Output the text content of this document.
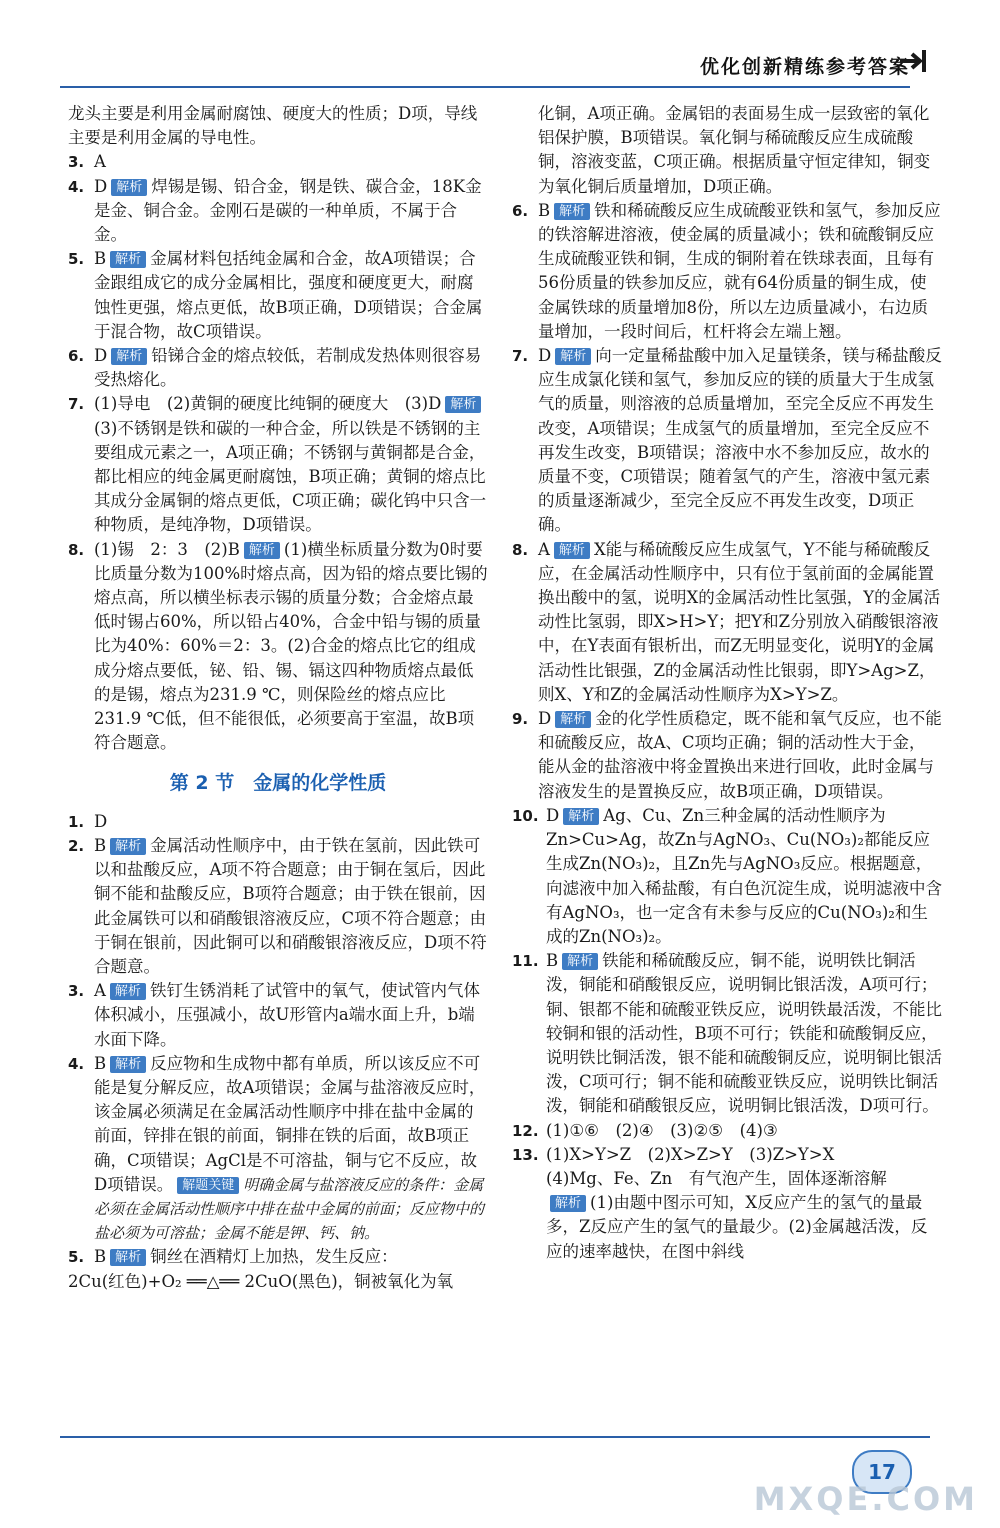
优化创新精练参考答案

龙头主要是利用金属耐腐蚀、硬度大的性质；D项，导线主要是利用金属的导电性。

3. A

4. D 解析 焊锡是锡、铅合金，钢是铁、碳合金，18K金是金、铜合金。金刚石是碳的一种单质，不属于合金。

5. B 解析 金属材料包括纯金属和合金，故A项错误；合金跟组成它的成分金属相比，强度和硬度更大，耐腐蚀性更强，熔点更低，故B项正确，D项错误；合金属于混合物，故C项错误。

6. D 解析 铅锑合金的熔点较低，若制成发热体则很容易受热熔化。

7. (1)导电　(2)黄铜的硬度比纯铜的硬度大　(3)D 解析(3)不锈钢是铁和碳的一种合金，所以铁是不锈钢的主要组成元素之一，A项正确；不锈钢与黄铜都是合金，都比相应的纯金属更耐腐蚀，B项正确；黄铜的熔点比其成分金属铜的熔点更低，C项正确；碳化钨中只含一种物质，是纯净物，D项错误。

8. (1)锡　2：3　(2)B 解析 (1)横坐标质量分数为0时要比质量分数为100%时熔点高，因为铅的熔点要比锡的熔点高，所以横坐标表示锡的质量分数；合金熔点最低时锡占60%，所以铅占40%，合金中铅与锡的质量比为40%：60%＝2：3。(2)合金的熔点比它的组成成分熔点要低，铋、铅、锡、镉这四种物质熔点最低的是锡，熔点为231.9 ℃，则保险丝的熔点应比231.9 ℃低，但不能很低，必须要高于室温，故B项符合题意。

第 2 节　金属的化学性质

1. D

2. B 解析 金属活动性顺序中，由于铁在氢前，因此铁可以和盐酸反应，A项不符合题意；由于铜在氢后，因此铜不能和盐酸反应，B项符合题意；由于铁在银前，因此金属铁可以和硝酸银溶液反应，C项不符合题意；由于铜在银前，因此铜可以和硝酸银溶液反应，D项不符合题意。

3. A 解析 铁钉生锈消耗了试管中的氧气，使试管内气体体积减小，压强减小，故U形管内a端水面上升，b端水面下降。

4. B 解析 反应物和生成物中都有单质，所以该反应不可能是复分解反应，故A项错误；金属与盐溶液反应时，该金属必须满足在金属活动性顺序中排在盐中金属的前面，锌排在银的前面，铜排在铁的后面，故B项正确，C项错误；AgCl是不可溶盐，铜与它不反应，故D项错误。 解题关键 明确金属与盐溶液反应的条件：金属必须在金属活动性顺序中排在盐中金属的前面；反应物中的盐必须为可溶盐；金属不能是钾、钙、钠。

5. B 解析 铜丝在酒精灯上加热，发生反应：

2Cu(红色)+O₂ ══△══ 2CuO(黑色)，铜被氧化为氧

化铜，A项正确。金属铝的表面易生成一层致密的氧化铝保护膜，B项错误。氧化铜与稀硫酸反应生成硫酸铜，溶液变蓝，C项正确。根据质量守恒定律知，铜变为氧化铜后质量增加，D项正确。

6. B 解析 铁和稀硫酸反应生成硫酸亚铁和氢气，参加反应的铁溶解进溶液，使金属的质量减小；铁和硫酸铜反应生成硫酸亚铁和铜，生成的铜附着在铁球表面，且每有56份质量的铁参加反应，就有64份质量的铜生成，使金属铁球的质量增加8份，所以左边质量减小，右边质量增加，一段时间后，杠杆将会左端上翘。

7. D 解析 向一定量稀盐酸中加入足量镁条，镁与稀盐酸反应生成氯化镁和氢气，参加反应的镁的质量大于生成氢气的质量，则溶液的总质量增加，至完全反应不再发生改变，A项错误；生成氢气的质量增加，至完全反应不再发生改变，B项错误；溶液中水不参加反应，故水的质量不变，C项错误；随着氢气的产生，溶液中氢元素的质量逐渐减少，至完全反应不再发生改变，D项正确。

8. A 解析 X能与稀硫酸反应生成氢气，Y不能与稀硫酸反应，在金属活动性顺序中，只有位于氢前面的金属能置换出酸中的氢，说明X的金属活动性比氢强，Y的金属活动性比氢弱，即X>H>Y；把Y和Z分别放入硝酸银溶液中，在Y表面有银析出，而Z无明显变化，说明Y的金属活动性比银强，Z的金属活动性比银弱，即Y>Ag>Z，则X、Y和Z的金属活动性顺序为X>Y>Z。

9. D 解析 金的化学性质稳定，既不能和氧气反应，也不能和硫酸反应，故A、C项均正确；铜的活动性大于金，能从金的盐溶液中将金置换出来进行回收，此时金属与溶液发生的是置换反应，故B项正确，D项错误。

10. D 解析 Ag、Cu、Zn三种金属的活动性顺序为Zn>Cu>Ag，故Zn与AgNO₃、Cu(NO₃)₂都能反应生成Zn(NO₃)₂，且Zn先与AgNO₃反应。根据题意，向滤液中加入稀盐酸，有白色沉淀生成，说明滤液中含有AgNO₃，也一定含有未参与反应的Cu(NO₃)₂和生成的Zn(NO₃)₂。

11. B 解析 铁能和稀硫酸反应，铜不能，说明铁比铜活泼，铜能和硝酸银反应，说明铜比银活泼，A项可行；铜、银都不能和硫酸亚铁反应，说明铁最活泼，不能比较铜和银的活动性，B项不可行；铁能和硫酸铜反应，说明铁比铜活泼，银不能和硫酸铜反应，说明铜比银活泼，C项可行；铜不能和硫酸亚铁反应，说明铁比铜活泼，铜能和硝酸银反应，说明铜比银活泼，D项可行。

12. (1)①⑥　(2)④　(3)②⑤　(4)③

13. (1)X>Y>Z　(2)X>Z>Y　(3)Z>Y>X
(4)Mg、Fe、Zn　有气泡产生，固体逐渐溶解
解析 (1)由题中图示可知，X反应产生的氢气的量最多，Z反应产生的氢气的量最少。(2)金属越活泼，反应的速率越快，在图中斜线

17
MXQE.COM
